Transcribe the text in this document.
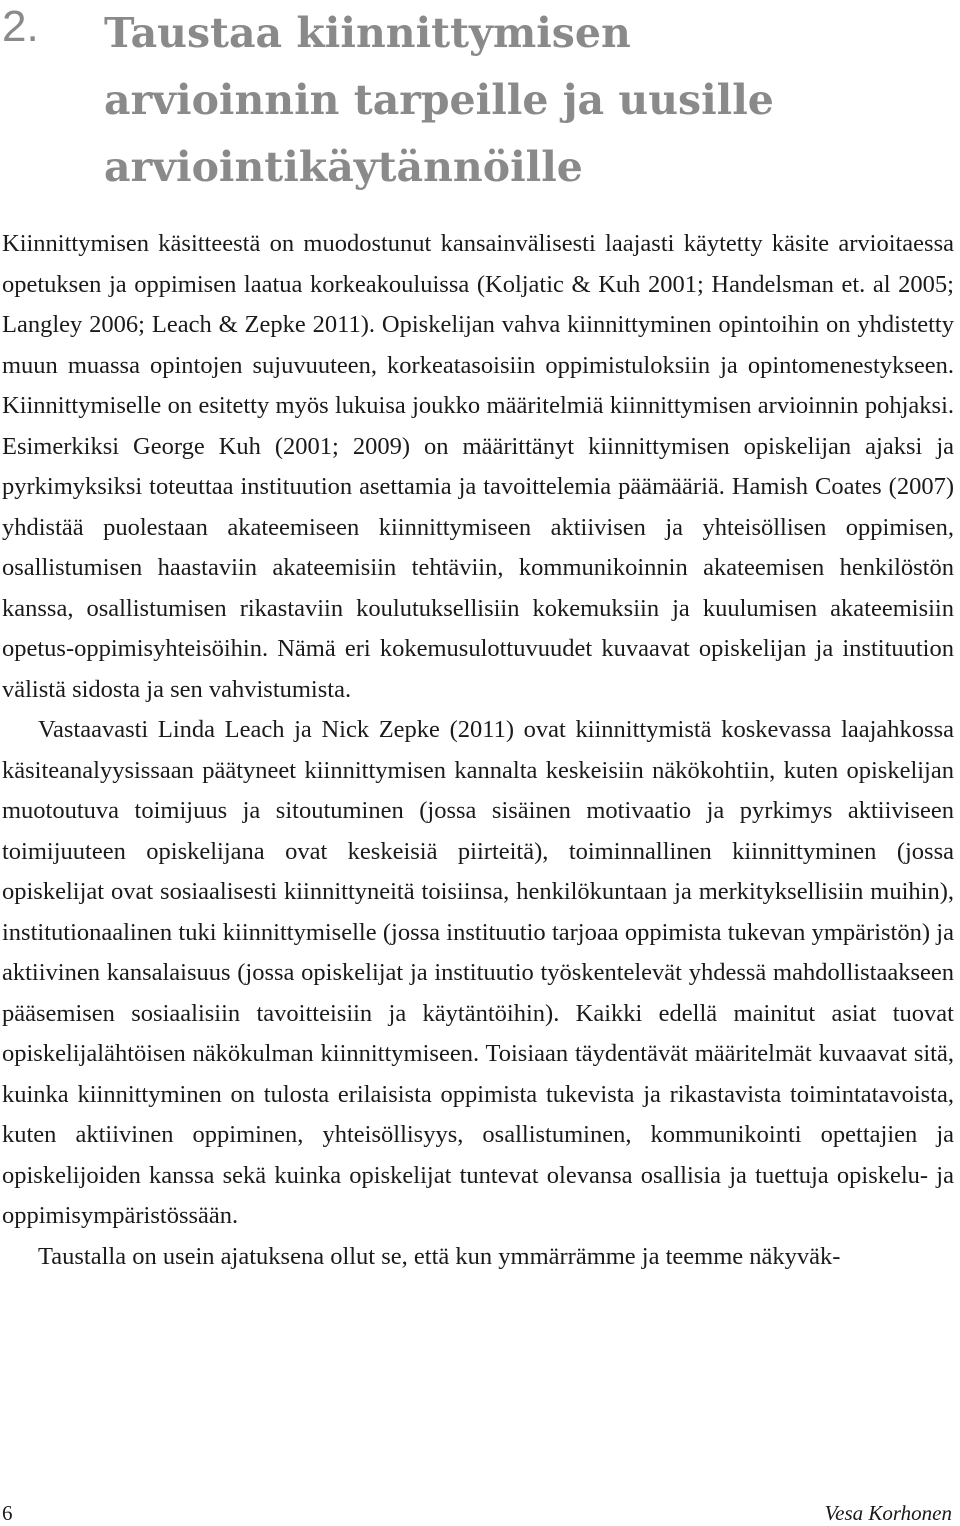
2. Taustaa kiinnittymisen
arvioinnin tarpeille ja uusille
arviointikäytännöille

Kiinnittymisen käsitteestä on muodostunut kansainvälisesti laajasti käytetty käsite arvioitaessa opetuksen ja oppimisen laatua korkeakouluissa (Koljatic & Kuh 2001; Handelsman et. al 2005; Langley 2006; Leach & Zepke 2011). Opiskelijan vahva kiinnittyminen opintoihin on yhdistetty muun muassa opintojen sujuvuuteen, korkeatasoisiin oppimistuloksiin ja opintomenestykseen. Kiinnittymiselle on esitetty myös lukuisa joukko määritelmiä kiinnittymisen arvioinnin pohjaksi. Esimerkiksi George Kuh (2001; 2009) on määrittänyt kiinnittymisen opiskelijan ajaksi ja pyrkimyksiksi toteuttaa instituution asettamia ja tavoittelemia päämääriä. Hamish Coates (2007) yhdistää puolestaan akateemiseen kiinnittymiseen aktiivisen ja yhteisöllisen oppimisen, osallistumisen haastaviin akateemisiin tehtäviin, kommunikoinnin akateemisen henkilöstön kanssa, osallistumisen rikastaviin koulutuksellisiin kokemuksiin ja kuulumisen akateemisiin opetus-oppimisyhteisöihin. Nämä eri kokemusulottuvuudet kuvaavat opiskelijan ja instituution välistä sidosta ja sen vahvistumista.

Vastaavasti Linda Leach ja Nick Zepke (2011) ovat kiinnittymistä koskevassa laajahkossa käsiteanalyysissaan päätyneet kiinnittymisen kannalta keskeisiin näkökohtiin, kuten opiskelijan muotoutuva toimijuus ja sitoutuminen (jossa sisäinen motivaatio ja pyrkimys aktiiviseen toimijuuteen opiskelijana ovat keskeisiä piirteitä), toiminnallinen kiinnittyminen (jossa opiskelijat ovat sosiaalisesti kiinnittyneitä toisiinsa, henkilökuntaan ja merkityksellisiin muihin), institutionaalinen tuki kiinnittymiselle (jossa instituutio tarjoaa oppimista tukevan ympäristön) ja aktiivinen kansalaisuus (jossa opiskelijat ja instituutio työskentelevät yhdessä mahdollistaakseen pääsemisen sosiaalisiin tavoitteisiin ja käytäntöihin). Kaikki edellä mainitut asiat tuovat opiskelijalähtöisen näkökulman kiinnittymiseen. Toisiaan täydentävät määritelmät kuvaavat sitä, kuinka kiinnittyminen on tulosta erilaisista oppimista tukevista ja rikastavista toimintatavoista, kuten aktiivinen oppiminen, yhteisöllisyys, osallistuminen, kommunikointi opettajien ja opiskelijoiden kanssa sekä kuinka opiskelijat tuntevat olevansa osallisia ja tuettuja opiskelu- ja oppimisympäristössään.

Taustalla on usein ajatuksena ollut se, että kun ymmärrämme ja teemme näkyväk-

6	Vesa Korhonen
